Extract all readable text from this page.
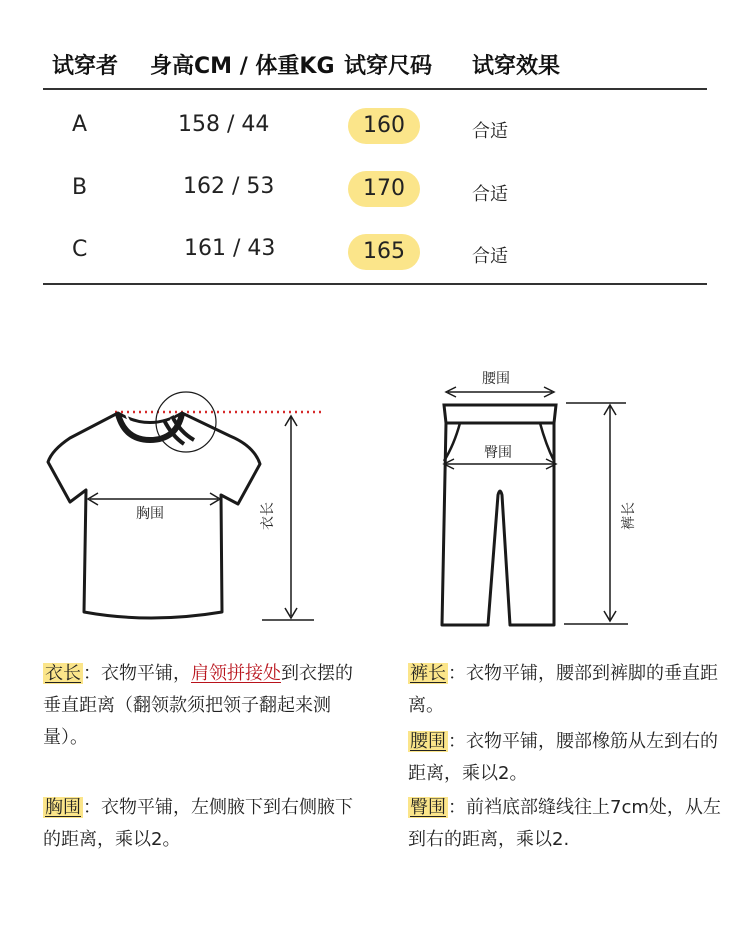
试穿者 身高CM / 体重KG 试穿尺码 试穿效果
A	158 / 44	160	合适
B	162 / 53	170	合适
C	161 / 43	165	合适
胸围	衣长
腰围
臀围
裤长
衣长 ：衣物平铺，肩领拼接处到衣摆的垂直距离（翻领款须把领子翻起来测量）。
胸围 ：衣物平铺，左侧腋下到右侧腋下的距离，乘以2。
裤长 ：衣物平铺，腰部到裤脚的垂直距离。
腰围 ：衣物平铺，腰部橡筋从左到右的距离，乘以2。
臀围 ：前裆底部缝线往上7cm处，从左到右的距离，乘以2.
